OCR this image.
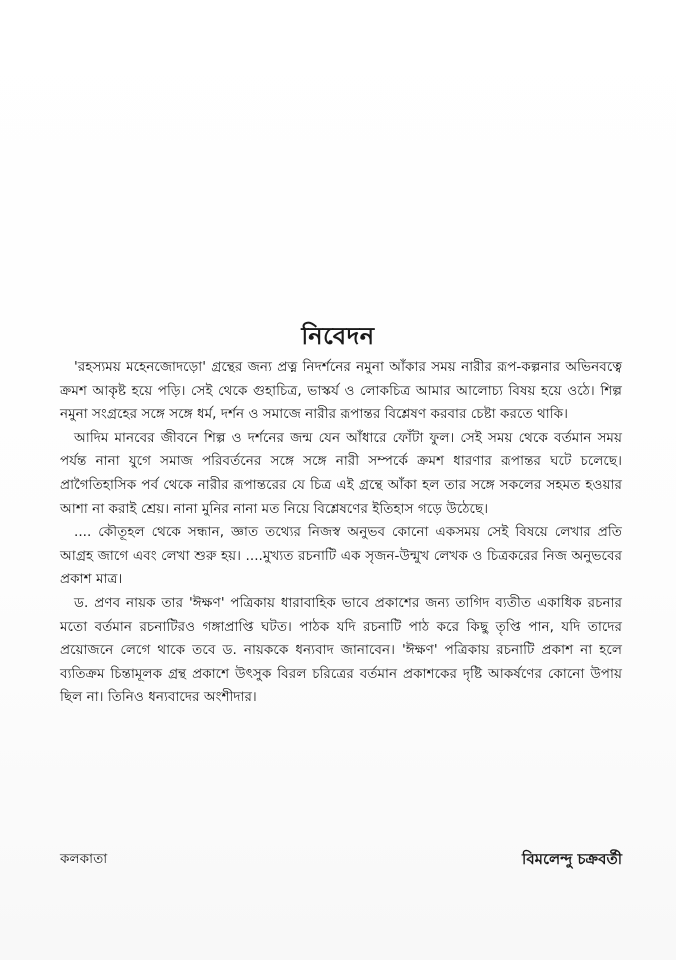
নিবেদন

'রহস্যময় মহেনজোদড়ো' গ্রন্থের জন্য প্রত্ন নিদর্শনের নমুনা আঁকার সময় নারীর রূপ-কল্পনার অভিনবত্বে ক্রমশ আকৃষ্ট হয়ে পড়ি। সেই থেকে গুহাচিত্র, ভাস্কর্য ও লোকচিত্র আমার আলোচ্য বিষয় হয়ে ওঠে। শিল্প নমুনা সংগ্রহের সঙ্গে সঙ্গে ধর্ম, দর্শন ও সমাজে নারীর রূপান্তর বিশ্লেষণ করবার চেষ্টা করতে থাকি।

আদিম মানবের জীবনে শিল্প ও দর্শনের জন্ম যেন আঁধারে ফোঁটা ফুল। সেই সময় থেকে বর্তমান সময় পর্যন্ত নানা যুগে সমাজ পরিবর্তনের সঙ্গে সঙ্গে নারী সম্পর্কে ক্রমশ ধারণার রূপান্তর ঘটে চলেছে। প্রাগৈতিহাসিক পর্ব থেকে নারীর রূপান্তরের যে চিত্র এই গ্রন্থে আঁকা হল তার সঙ্গে সকলের সহমত হওয়ার আশা না করাই শ্রেয়। নানা মুনির নানা মত নিয়ে বিশ্লেষণের ইতিহাস গড়ে উঠেছে।

.... কৌতূহল থেকে সন্ধান, জ্ঞাত তথ্যের নিজস্ব অনুভব কোনো একসময় সেই বিষয়ে লেখার প্রতি আগ্রহ জাগে এবং লেখা শুরু হয়। ....মুখ্যত রচনাটি এক সৃজন-উন্মুখ লেখক ও চিত্রকরের নিজ অনুভবের প্রকাশ মাত্র।

ড. প্রণব নায়ক তার 'ঈক্ষণ' পত্রিকায় ধারাবাহিক ভাবে প্রকাশের জন্য তাগিদ ব্যতীত একাধিক রচনার মতো বর্তমান রচনাটিরও গঙ্গাপ্রাপ্তি ঘটত। পাঠক যদি রচনাটি পাঠ করে কিছু তৃপ্তি পান, যদি তাদের প্রয়োজনে লেগে থাকে তবে ড. নায়ককে ধন্যবাদ জানাবেন। 'ঈক্ষণ' পত্রিকায় রচনাটি প্রকাশ না হলে ব্যতিক্রম চিন্তামূলক গ্রন্থ প্রকাশে উৎসুক বিরল চরিত্রের বর্তমান প্রকাশকের দৃষ্টি আকর্ষণের কোনো উপায় ছিল না। তিনিও ধন্যবাদের অংশীদার।

কলকাতা	বিমলেন্দু চক্রবর্তী
